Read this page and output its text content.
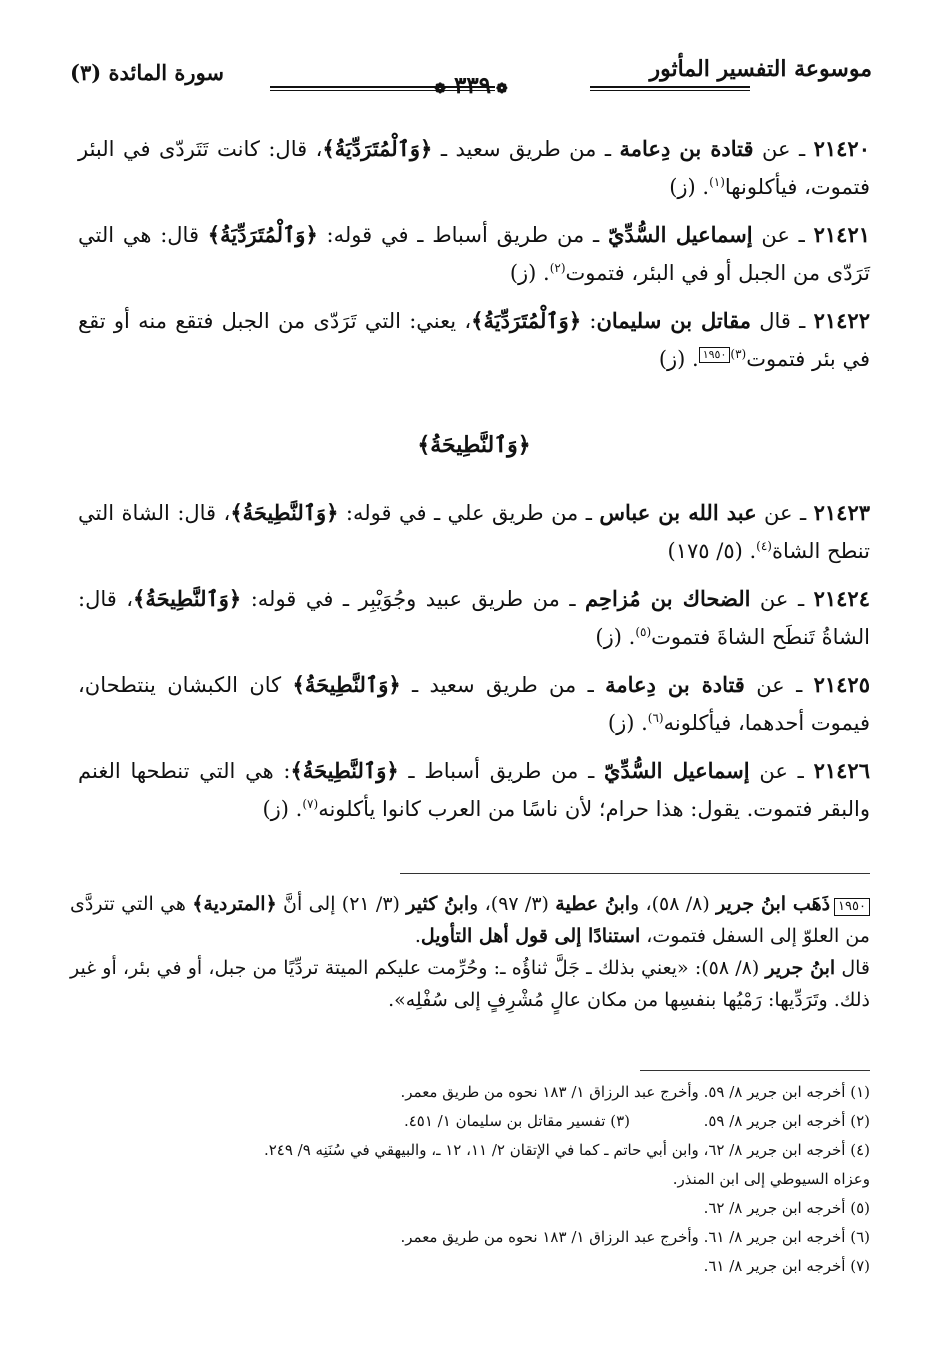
موسوعة التفسير المأثور
❁ ٣٣٩ ❁
سورة المائدة (٣)

٢١٤٢٠ ـ عن قتادة بن دِعامة ـ من طريق سعيد ـ ﴿وَٱلْمُتَرَدِّيَةُ﴾، قال: كانت تَتَردّى في البئر فتموت، فيأكلونها$^{(١)}$. (ز)

٢١٤٢١ ـ عن إسماعيل السُّدِّيّ ـ من طريق أسباط ـ في قوله: ﴿وَٱلْمُتَرَدِّيَةُ﴾ قال: هي التي تَرَدّى من الجبل أو في البئر، فتموت$^{(٢)}$. (ز)

٢١٤٢٢ ـ قال مقاتل بن سليمان: ﴿وَٱلْمُتَرَدِّيَةُ﴾، يعني: التي تَرَدّى من الجبل فتقع منه أو تقع في بئر فتموت$^{(٣)}$١٩٥٠. (ز)

﴿وَٱلنَّطِيحَةُ﴾

٢١٤٢٣ ـ عن عبد الله بن عباس ـ من طريق علي ـ في قوله: ﴿وَٱلنَّطِيحَةُ﴾، قال: الشاة التي تنطح الشاة$^{(٤)}$. (٥/ ١٧٥)

٢١٤٢٤ ـ عن الضحاك بن مُزاحِم ـ من طريق عبيد وجُوَيْبِر ـ في قوله: ﴿وَٱلنَّطِيحَةُ﴾، قال: الشاةُ تَنطَح الشاةَ فتموت$^{(٥)}$. (ز)

٢١٤٢٥ ـ عن قتادة بن دِعامة ـ من طريق سعيد ـ ﴿وَٱلنَّطِيحَةُ﴾ كان الكبشان ينتطحان، فيموت أحدهما، فيأكلونه$^{(٦)}$. (ز)

٢١٤٢٦ ـ عن إسماعيل السُّدِّيّ ـ من طريق أسباط ـ ﴿وَٱلنَّطِيحَةُ﴾: هي التي تنطحها الغنم والبقر فتموت. يقول: هذا حرام؛ لأن ناسًا من العرب كانوا يأكلونه$^{(٧)}$. (ز)

١٩٥٠ذَهَب ابنُ جرير (٨/ ٥٨)، وابنُ عطية (٣/ ٩٧)، وابنُ كثير (٣/ ٢١) إلى أنَّ ﴿المتردية﴾ هي التي تتردَّى من العلوّ إلى السفل فتموت، استنادًا إلى قول أهل التأويل.

قال ابنُ جرير (٨/ ٥٨): «يعني بذلك ـ جَلَّ ثناؤُه ـ: وحُرِّمت عليكم الميتة تردِّيًا من جبل، أو في بئر، أو غير ذلك. وتَرَدِّيها: رَمْيُها بنفسِها من مكان عالٍ مُشْرِفٍ إلى سُفْلِه».

(١) أخرجه ابن جرير ٨/ ٥٩. وأخرج عبد الرزاق ١/ ١٨٣ نحوه من طريق معمر.

(٢) أخرجه ابن جرير ٨/ ٥٩.

(٣) تفسير مقاتل بن سليمان ١/ ٤٥١.

(٤) أخرجه ابن جرير ٨/ ٦٢، وابن أبي حاتم ـ كما في الإتقان ٢/ ١١، ١٢ ـ، والبيهقي في سُنَنِه ٩/ ٢٤٩.

وعزاه السيوطي إلى ابن المنذر.

(٥) أخرجه ابن جرير ٨/ ٦٢.

(٦) أخرجه ابن جرير ٨/ ٦١. وأخرج عبد الرزاق ١/ ١٨٣ نحوه من طريق معمر.

(٧) أخرجه ابن جرير ٨/ ٦١.
